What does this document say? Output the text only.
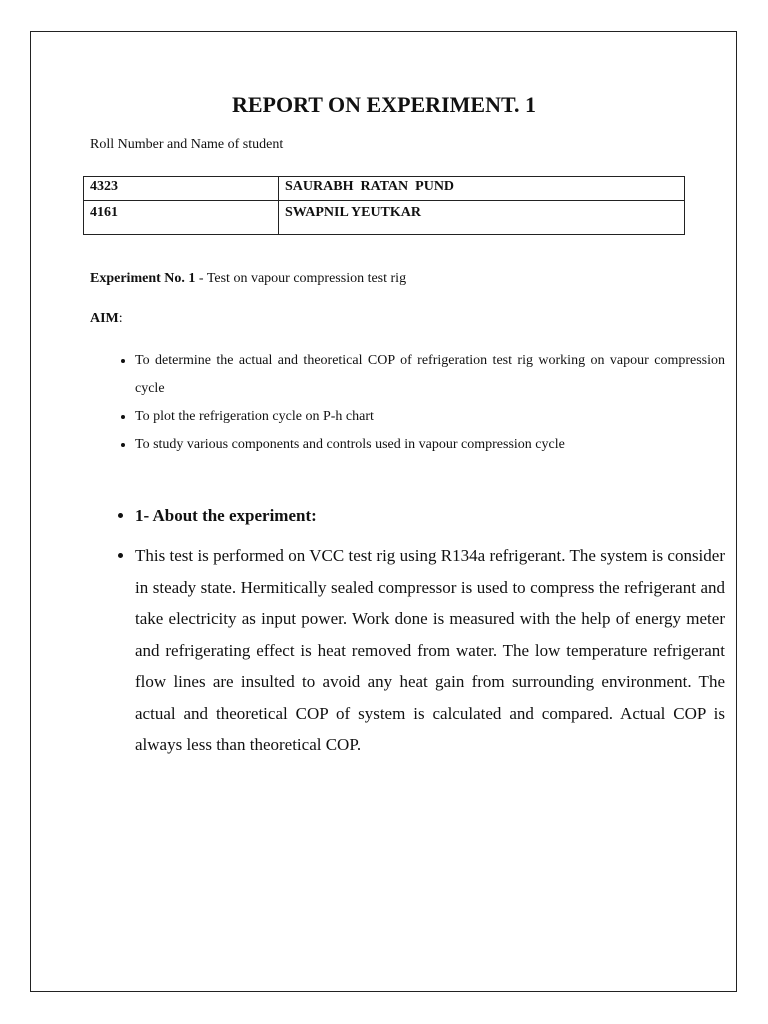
REPORT ON EXPERIMENT. 1
Roll Number and Name of student
4323	SAURABH  RATAN  PUND
4161	SWAPNIL YEUTKAR
Experiment No. 1 - Test on vapour compression test rig
AIM:
• To determine the actual and theoretical COP of refrigeration test rig working on vapour compression cycle
• To plot the refrigeration cycle on P-h chart
• To study various components and controls used in vapour compression cycle
• 1- About the experiment:
• This test is performed on VCC test rig using R134a refrigerant. The system is consider in steady state. Hermitically sealed compressor is used to compress the refrigerant and take electricity as input power. Work done is measured with the help of energy meter and refrigerating effect is heat removed from water. The low temperature refrigerant flow lines are insulted to avoid any heat gain from surrounding environment. The actual and theoretical COP of system is calculated and compared. Actual COP is always less than theoretical COP.
